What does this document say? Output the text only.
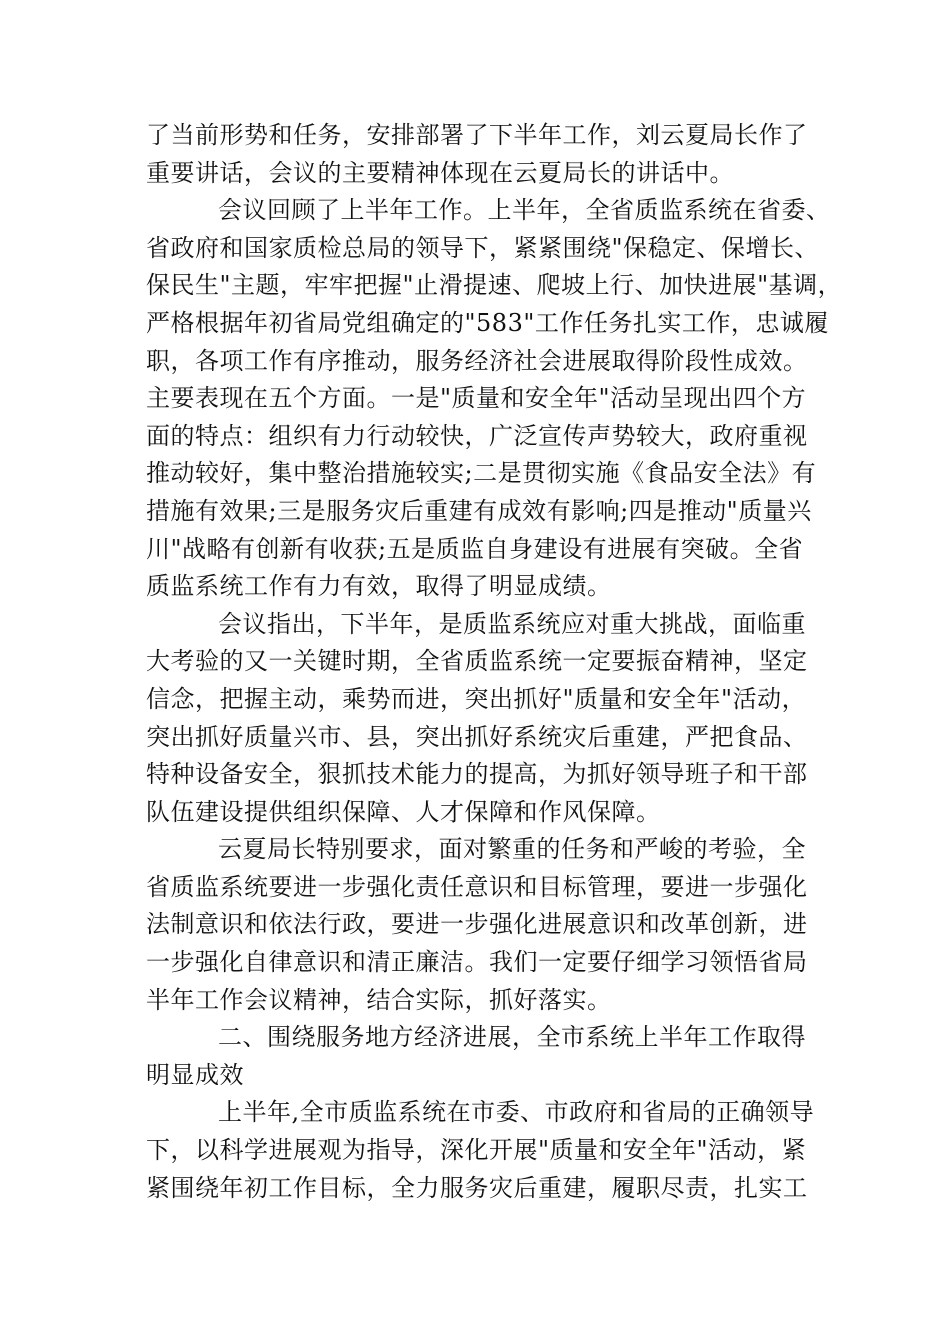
了当前形势和任务，安排部署了下半年工作，刘云夏局长作了
重要讲话，会议的主要精神体现在云夏局长的讲话中。
会议回顾了上半年工作。上半年，全省质监系统在省委、
省政府和国家质检总局的领导下，紧紧围绕"保稳定、保增长、
保民生"主题，牢牢把握"止滑提速、爬坡上行、加快进展"基调，
严格根据年初省局党组确定的"583"工作任务扎实工作，忠诚履
职，各项工作有序推动，服务经济社会进展取得阶段性成效。
主要表现在五个方面。一是"质量和安全年"活动呈现出四个方
面的特点：组织有力行动较快，广泛宣传声势较大，政府重视
推动较好，集中整治措施较实;二是贯彻实施《食品安全法》有
措施有效果;三是服务灾后重建有成效有影响;四是推动"质量兴
川"战略有创新有收获;五是质监自身建设有进展有突破。全省
质监系统工作有力有效，取得了明显成绩。
会议指出，下半年，是质监系统应对重大挑战，面临重
大考验的又一关键时期，全省质监系统一定要振奋精神，坚定
信念，把握主动，乘势而进，突出抓好"质量和安全年"活动，
突出抓好质量兴市、县，突出抓好系统灾后重建，严把食品、
特种设备安全，狠抓技术能力的提高，为抓好领导班子和干部
队伍建设提供组织保障、人才保障和作风保障。
云夏局长特别要求，面对繁重的任务和严峻的考验，全
省质监系统要进一步强化责任意识和目标管理，要进一步强化
法制意识和依法行政，要进一步强化进展意识和改革创新，进
一步强化自律意识和清正廉洁。我们一定要仔细学习领悟省局
半年工作会议精神，结合实际，抓好落实。
二、围绕服务地方经济进展，全市系统上半年工作取得
明显成效
上半年,全市质监系统在市委、市政府和省局的正确领导
下，以科学进展观为指导，深化开展"质量和安全年"活动，紧
紧围绕年初工作目标，全力服务灾后重建，履职尽责，扎实工
